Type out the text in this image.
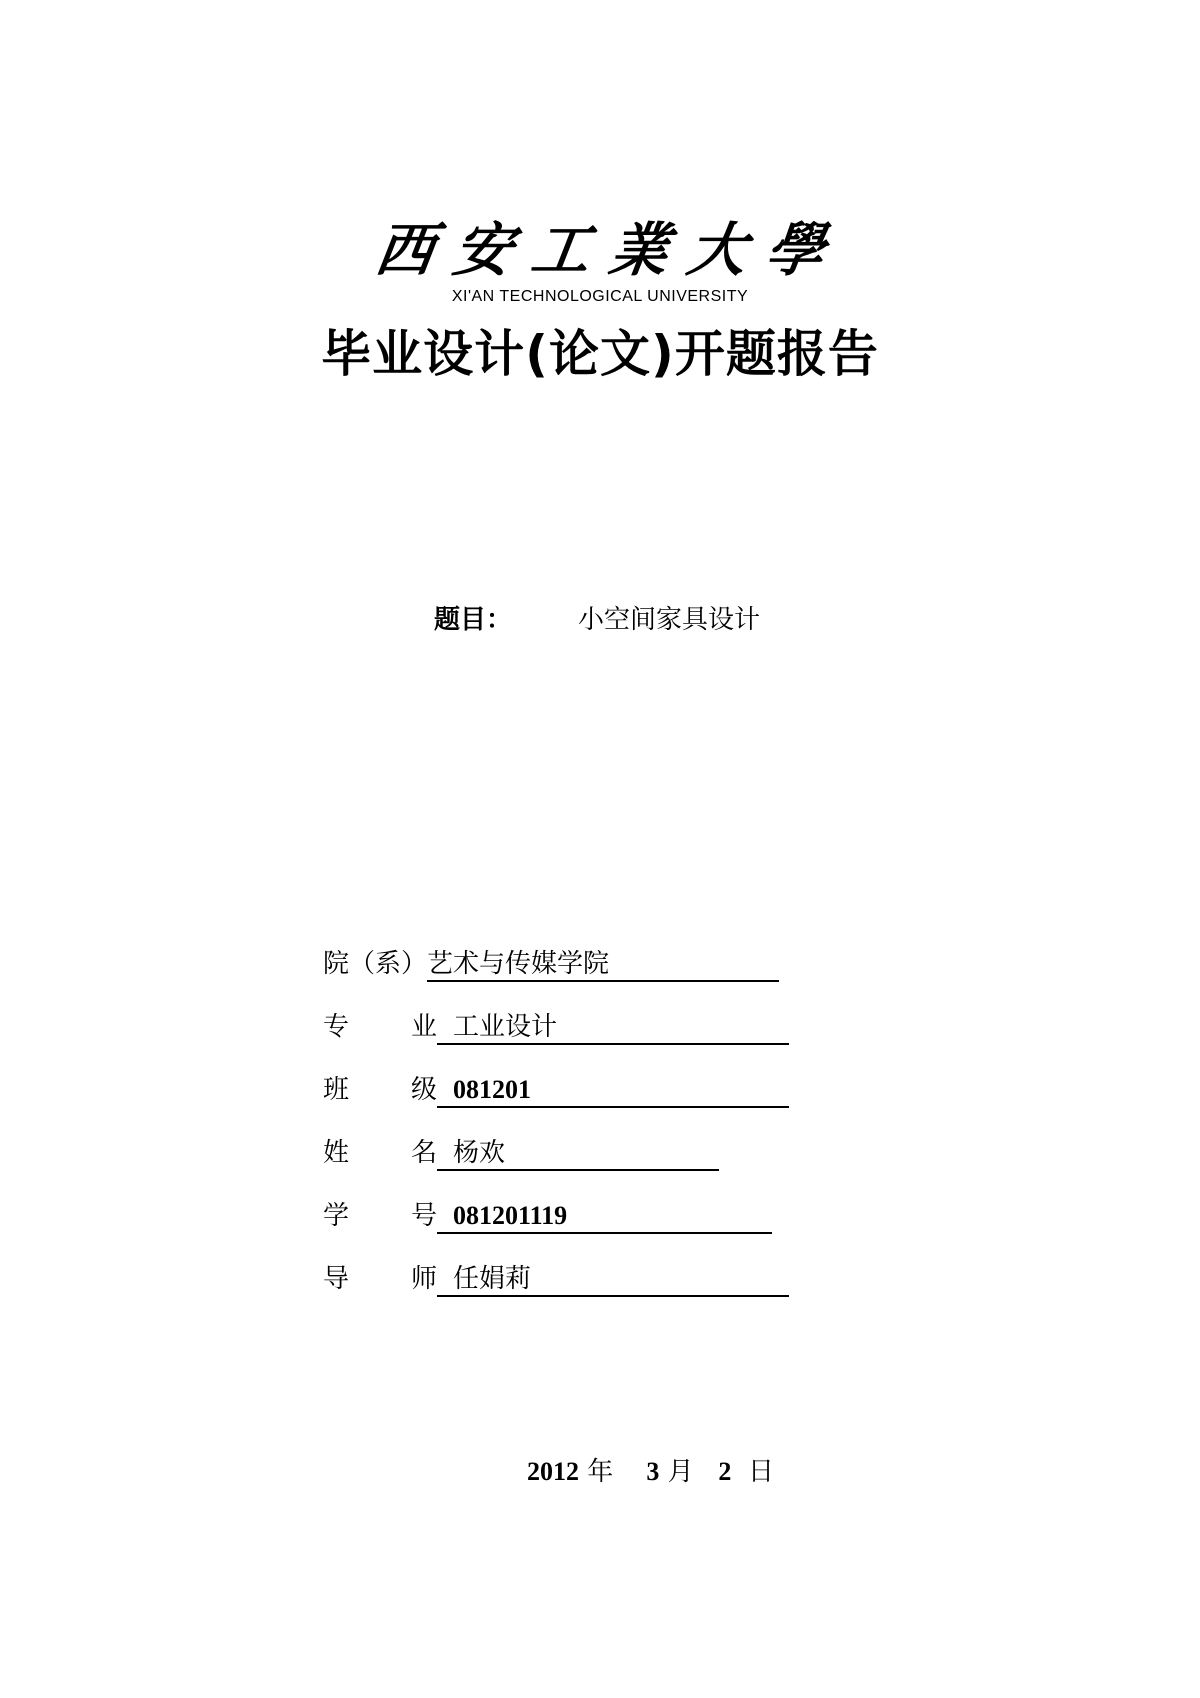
西安工業大學
XI'AN TECHNOLOGICAL UNIVERSITY
毕业设计(论文)开题报告
题目：	小空间家具设计
院（系）艺术与传媒学院
专 业 工业设计
班 级 081201
姓 名 杨欢
学 号 081201119
导 师 任娟莉
2012 年 3 月 2 日
